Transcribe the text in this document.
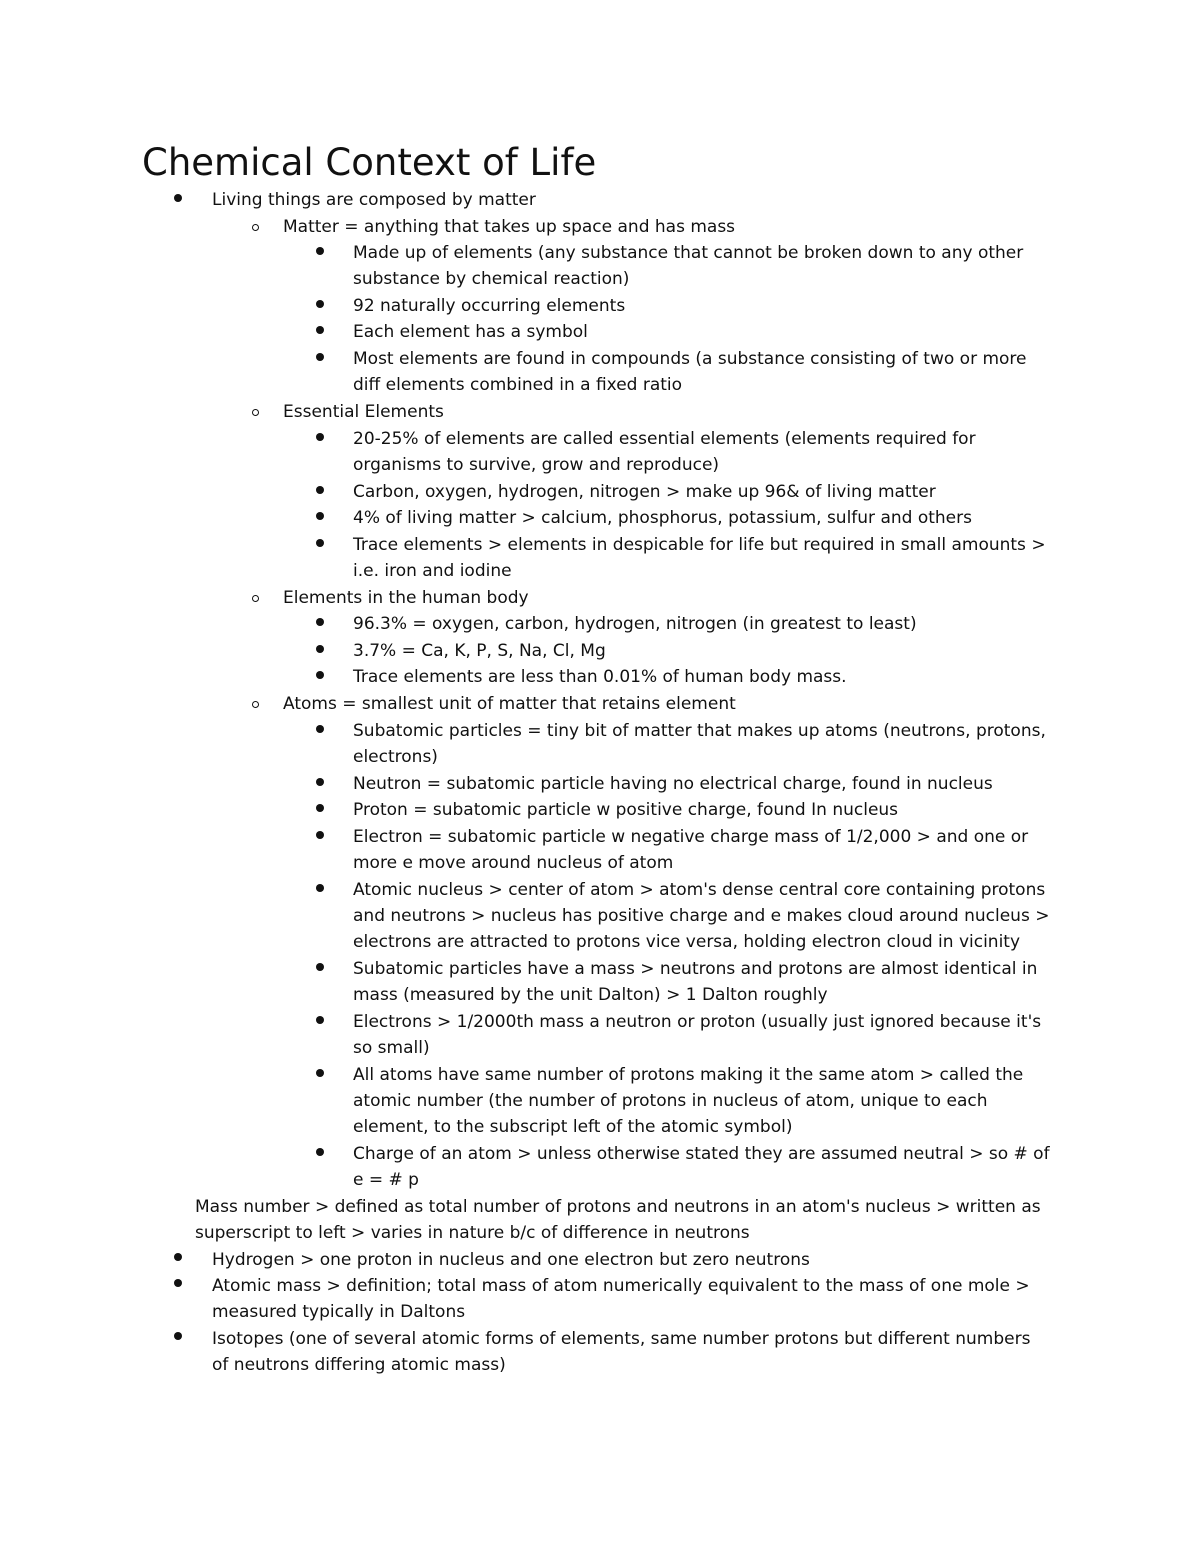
Chemical Context of Life
Living things are composed by matter
Matter = anything that takes up space and has mass
Made up of elements (any substance that cannot be broken down to any other
substance by chemical reaction)
92 naturally occurring elements
Each element has a symbol
Most elements are found in compounds (a substance consisting of two or more
diff elements combined in a fixed ratio
Essential Elements
20-25% of elements are called essential elements (elements required for
organisms to survive, grow and reproduce)
Carbon, oxygen, hydrogen, nitrogen > make up 96& of living matter
4% of living matter > calcium, phosphorus, potassium, sulfur and others
Trace elements > elements in despicable for life but required in small amounts >
i.e. iron and iodine
Elements in the human body
96.3% = oxygen, carbon, hydrogen, nitrogen (in greatest to least)
3.7% = Ca, K, P, S, Na, Cl, Mg
Trace elements are less than 0.01% of human body mass.
Atoms = smallest unit of matter that retains element
Subatomic particles = tiny bit of matter that makes up atoms (neutrons, protons,
electrons)
Neutron = subatomic particle having no electrical charge, found in nucleus
Proton = subatomic particle w positive charge, found In nucleus
Electron = subatomic particle w negative charge mass of 1/2,000 > and one or
more e move around nucleus of atom
Atomic nucleus > center of atom > atom's dense central core containing protons
and neutrons > nucleus has positive charge and e makes cloud around nucleus >
electrons are attracted to protons vice versa, holding electron cloud in vicinity
Subatomic particles have a mass > neutrons and protons are almost identical in
mass (measured by the unit Dalton) > 1 Dalton roughly
Electrons > 1/2000th mass a neutron or proton (usually just ignored because it's
so small)
All atoms have same number of protons making it the same atom > called the
atomic number (the number of protons in nucleus of atom, unique to each
element, to the subscript left of the atomic symbol)
Charge of an atom > unless otherwise stated they are assumed neutral > so # of
e = # p
Mass number > defined as total number of protons and neutrons in an atom's nucleus > written as
superscript to left > varies in nature b/c of difference in neutrons
Hydrogen > one proton in nucleus and one electron but zero neutrons
Atomic mass > definition; total mass of atom numerically equivalent to the mass of one mole >
measured typically in Daltons
Isotopes (one of several atomic forms of elements, same number protons but different numbers
of neutrons differing atomic mass)
